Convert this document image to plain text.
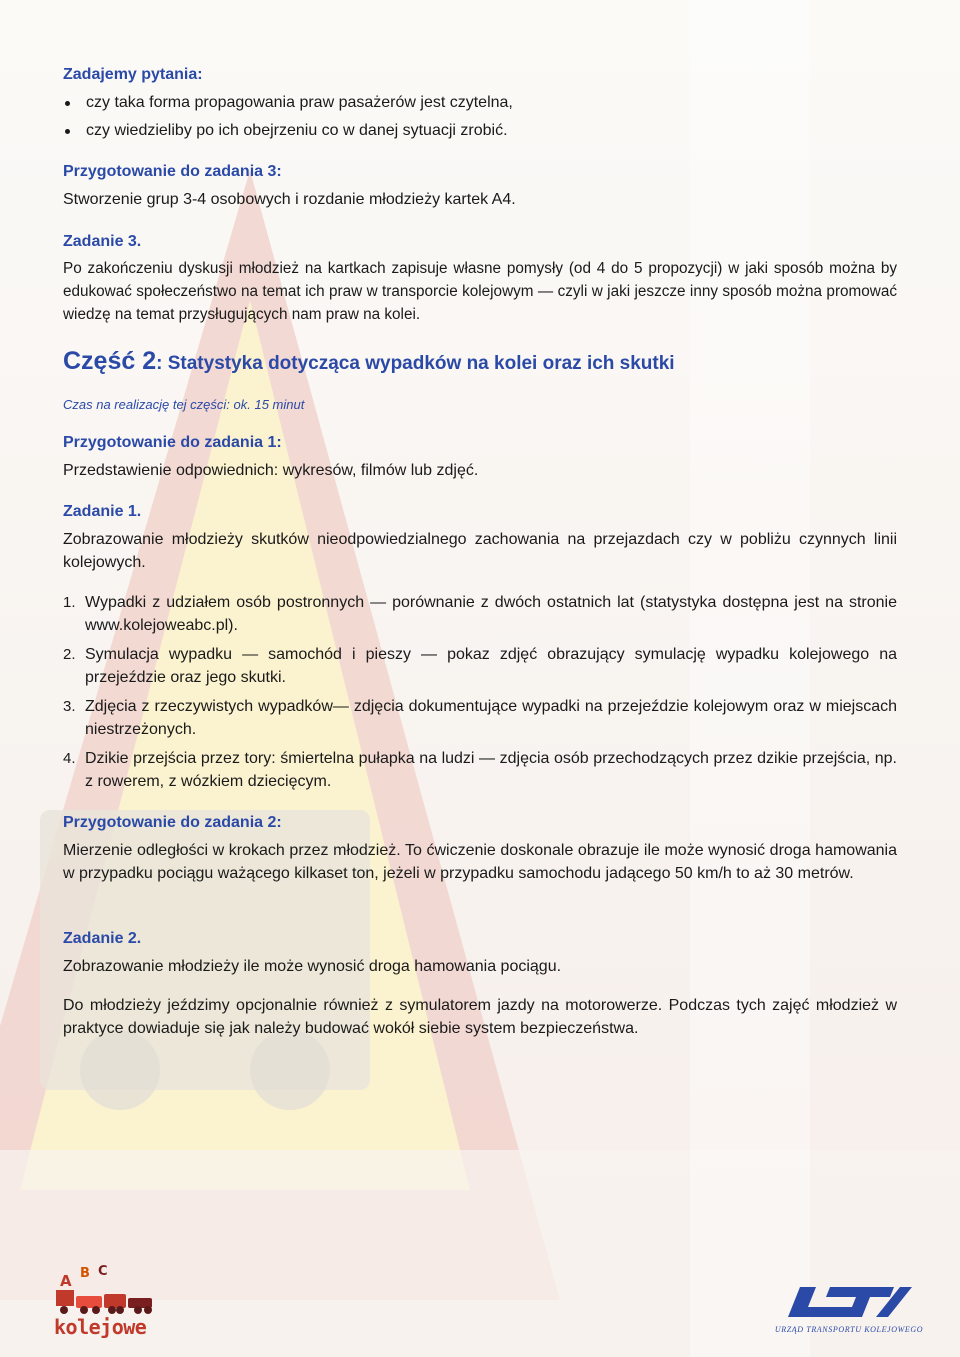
Zadajemy pytania:
czy taka forma propagowania praw pasażerów jest czytelna,
czy wiedzieliby po ich obejrzeniu co w danej sytuacji zrobić.
Przygotowanie do zadania 3:

Stworzenie grup 3-4 osobowych i rozdanie młodzieży kartek A4.

Zadanie 3.

Po zakończeniu dyskusji młodzież na kartkach zapisuje własne pomysły (od 4 do 5 propozycji) w jaki sposób można by edukować społeczeństwo na temat ich praw w transporcie kolejowym — czyli w jaki jeszcze inny sposób można promować wiedzę na temat przysługujących nam praw na kolei.

Część 2: Statystyka dotycząca wypadków na kolei oraz ich skutki

Czas na realizację tej części: ok. 15 minut

Przygotowanie do zadania 1:

Przedstawienie odpowiednich: wykresów, filmów lub zdjęć.

Zadanie 1.

Zobrazowanie młodzieży skutków nieodpowiedzialnego zachowania na przejazdach czy w pobliżu czynnych linii kolejowych.

1. Wypadki z udziałem osób postronnych — porównanie z dwóch ostatnich lat (statystyka dostępna jest na stronie www.kolejoweabc.pl).
2. Symulacja wypadku — samochód i pieszy — pokaz zdjęć obrazujący symulację wypadku kolejowego na przejeździe oraz jego skutki.
3. Zdjęcia z rzeczywistych wypadków— zdjęcia dokumentujące wypadki na przejeździe kolejowym oraz w miejscach niestrzeżonych.
4. Dzikie przejścia przez tory: śmiertelna pułapka na ludzi — zdjęcia osób przechodzących przez dzikie przejścia, np. z rowerem, z wózkiem dziecięcym.
Przygotowanie do zadania 2:

Mierzenie odległości w krokach przez młodzież. To ćwiczenie doskonale obrazuje ile może wynosić droga hamowania w przypadku pociągu ważącego kilkaset ton, jeżeli w przypadku samochodu jadącego 50 km/h to aż 30 metrów.

Zadanie 2.

Zobrazowanie młodzieży ile może wynosić droga hamowania pociągu.

Do młodzieży jeździmy opcjonalnie również z symulatorem jazdy na motorowerze. Podczas tych zajęć młodzież w praktyce dowiaduje się jak należy budować wokół siebie system bezpieczeństwa.

A B C
kolejowe	URZĄD TRANSPORTU KOLEJOWEGO
